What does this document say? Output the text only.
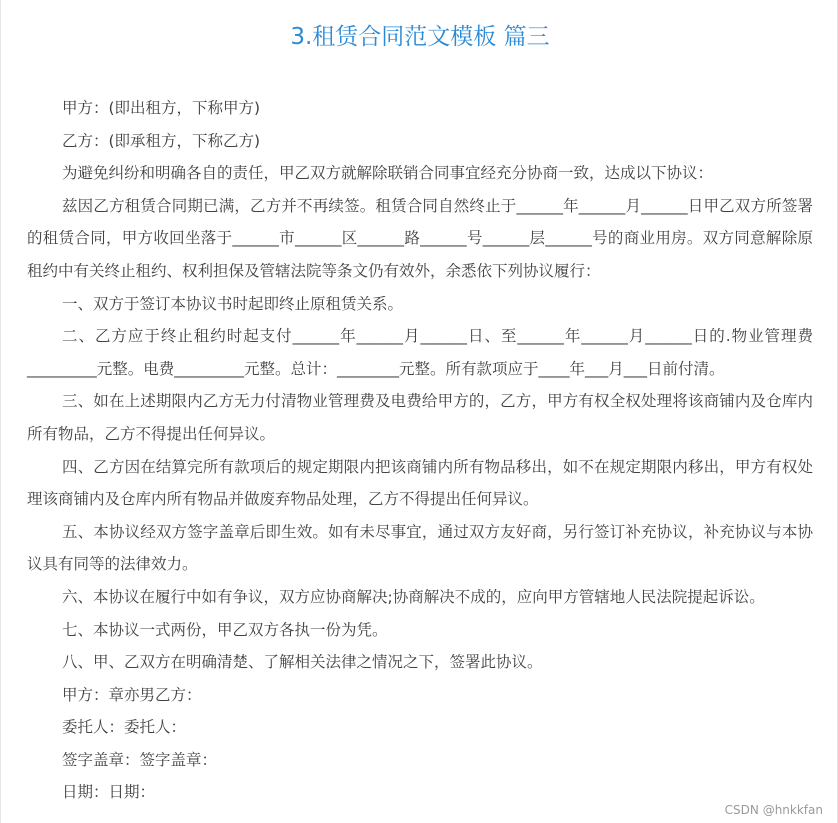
3.租赁合同范文模板 篇三

甲方：(即出租方，下称甲方)

乙方：(即承租方，下称乙方)

为避免纠纷和明确各自的责任，甲乙双方就解除联销合同事宜经充分协商一致，达成以下协议：

兹因乙方租赁合同期已满，乙方并不再续签。租赁合同自然终止于______年______月______日甲乙双方所签署的租赁合同，甲方收回坐落于______市______区______路______号______层______号的商业用房。双方同意解除原租约中有关终止租约、权利担保及管辖法院等条文仍有效外，余悉依下列协议履行：

一、双方于签订本协议书时起即终止原租赁关系。

二、乙方应于终止租约时起支付______年______月______日、至______年______月______日的.物业管理费_________元整。电费_________元整。总计：________元整。所有款项应于____年___月___日前付清。

三、如在上述期限内乙方无力付清物业管理费及电费给甲方的，乙方，甲方有权全权处理将该商铺内及仓库内所有物品，乙方不得提出任何异议。

四、乙方因在结算完所有款项后的规定期限内把该商铺内所有物品移出，如不在规定期限内移出，甲方有权处理该商铺内及仓库内所有物品并做废弃物品处理，乙方不得提出任何异议。

五、本协议经双方签字盖章后即生效。如有未尽事宜，通过双方友好商，另行签订补充协议，补充协议与本协议具有同等的法律效力。

六、本协议在履行中如有争议，双方应协商解决;协商解决不成的，应向甲方管辖地人民法院提起诉讼。

七、本协议一式两份，甲乙双方各执一份为凭。

八、甲、乙双方在明确清楚、了解相关法律之情况之下，签署此协议。

甲方：章亦男乙方：

委托人：委托人：

签字盖章：签字盖章：

日期：日期：

CSDN @hnkkfan
